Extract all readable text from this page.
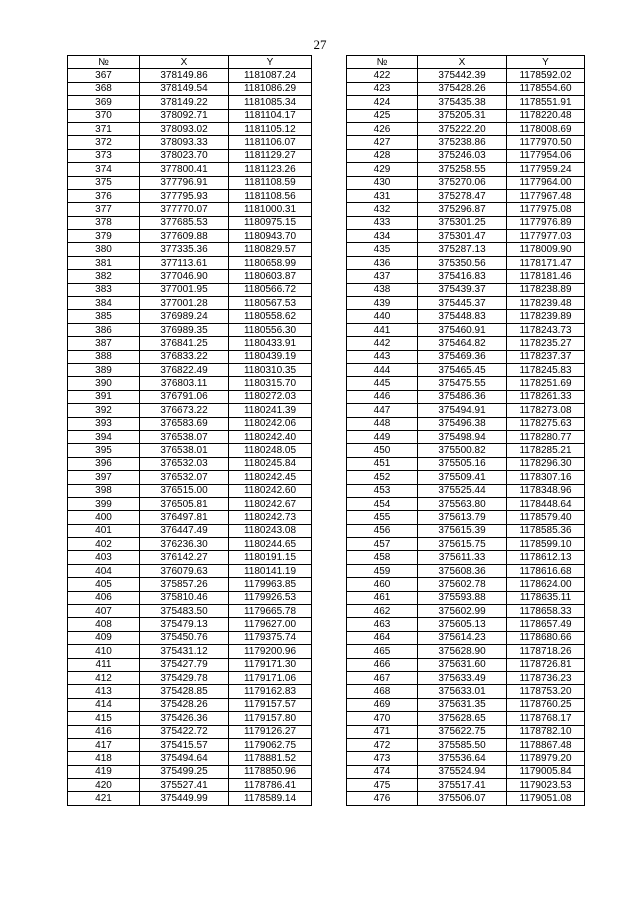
27
№	X	Y
367	378149.86	1181087.24
368	378149.54	1181086.29
369	378149.22	1181085.34
370	378092.71	1181104.17
371	378093.02	1181105.12
372	378093.33	1181106.07
373	378023.70	1181129.27
374	377800.41	1181123.26
375	377796.91	1181108.59
376	377795.93	1181108.56
377	377770.07	1181000.31
378	377685.53	1180975.15
379	377609.88	1180943.70
380	377335.36	1180829.57
381	377113.61	1180658.99
382	377046.90	1180603.87
383	377001.95	1180566.72
384	377001.28	1180567.53
385	376989.24	1180558.62
386	376989.35	1180556.30
387	376841.25	1180433.91
388	376833.22	1180439.19
389	376822.49	1180310.35
390	376803.11	1180315.70
391	376791.06	1180272.03
392	376673.22	1180241.39
393	376583.69	1180242.06
394	376538.07	1180242.40
395	376538.01	1180248.05
396	376532.03	1180245.84
397	376532.07	1180242.45
398	376515.00	1180242.60
399	376505.81	1180242.67
400	376497.81	1180242.73
401	376447.49	1180243.08
402	376236.30	1180244.65
403	376142.27	1180191.15
404	376079.63	1180141.19
405	375857.26	1179963.85
406	375810.46	1179926.53
407	375483.50	1179665.78
408	375479.13	1179627.00
409	375450.76	1179375.74
410	375431.12	1179200.96
411	375427.79	1179171.30
412	375429.78	1179171.06
413	375428.85	1179162.83
414	375428.26	1179157.57
415	375426.36	1179157.80
416	375422.72	1179126.27
417	375415.57	1179062.75
418	375494.64	1178881.52
419	375499.25	1178850.96
420	375527.41	1178786.41
421	375449.99	1178589.14
№	X	Y
422	375442.39	1178592.02
423	375428.26	1178554.60
424	375435.38	1178551.91
425	375205.31	1178220.48
426	375222.20	1178008.69
427	375238.86	1177970.50
428	375246.03	1177954.06
429	375258.55	1177959.24
430	375270.06	1177964.00
431	375278.47	1177967.48
432	375296.87	1177975.08
433	375301.25	1177976.89
434	375301.47	1177977.03
435	375287.13	1178009.90
436	375350.56	1178171.47
437	375416.83	1178181.46
438	375439.37	1178238.89
439	375445.37	1178239.48
440	375448.83	1178239.89
441	375460.91	1178243.73
442	375464.82	1178235.27
443	375469.36	1178237.37
444	375465.45	1178245.83
445	375475.55	1178251.69
446	375486.36	1178261.33
447	375494.91	1178273.08
448	375496.38	1178275.63
449	375498.94	1178280.77
450	375500.82	1178285.21
451	375505.16	1178296.30
452	375509.41	1178307.16
453	375525.44	1178348.96
454	375563.80	1178448.64
455	375613.79	1178579.40
456	375615.39	1178585.36
457	375615.75	1178599.10
458	375611.33	1178612.13
459	375608.36	1178616.68
460	375602.78	1178624.00
461	375593.88	1178635.11
462	375602.99	1178658.33
463	375605.13	1178657.49
464	375614.23	1178680.66
465	375628.90	1178718.26
466	375631.60	1178726.81
467	375633.49	1178736.23
468	375633.01	1178753.20
469	375631.35	1178760.25
470	375628.65	1178768.17
471	375622.75	1178782.10
472	375585.50	1178867.48
473	375536.64	1178979.20
474	375524.94	1179005.84
475	375517.41	1179023.53
476	375506.07	1179051.08
